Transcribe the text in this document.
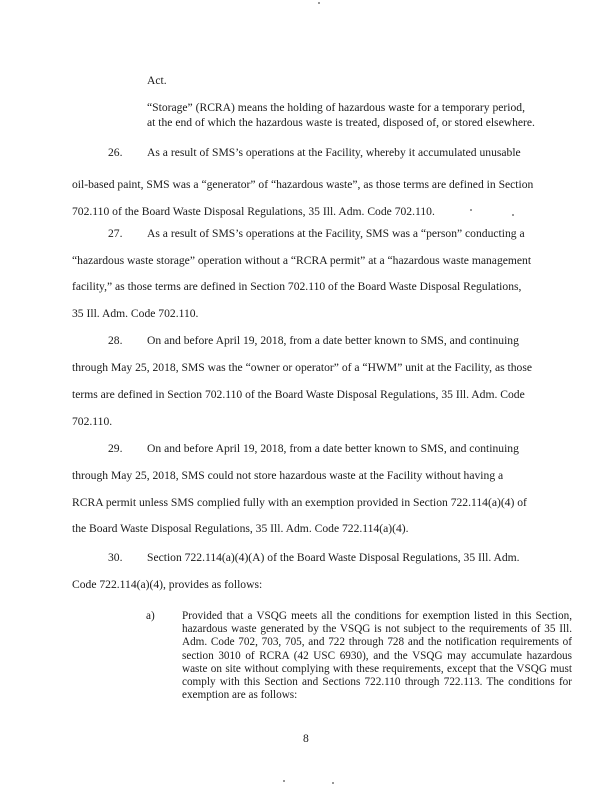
Act.
“Storage” (RCRA) means the holding of hazardous waste for a temporary period,
at the end of which the hazardous waste is treated, disposed of, or stored elsewhere.
26. As a result of SMS’s operations at the Facility, whereby it accumulated unusable
oil-based paint, SMS was a “generator” of “hazardous waste”, as those terms are defined in Section
702.110 of the Board Waste Disposal Regulations, 35 Ill. Adm. Code 702.110.
27. As a result of SMS’s operations at the Facility, SMS was a “person” conducting a
“hazardous waste storage” operation without a “RCRA permit” at a “hazardous waste management
facility,” as those terms are defined in Section 702.110 of the Board Waste Disposal Regulations,
35 Ill. Adm. Code 702.110.
28. On and before April 19, 2018, from a date better known to SMS, and continuing
through May 25, 2018, SMS was the “owner or operator” of a “HWM” unit at the Facility, as those
terms are defined in Section 702.110 of the Board Waste Disposal Regulations, 35 Ill. Adm. Code
702.110.
29. On and before April 19, 2018, from a date better known to SMS, and continuing
through May 25, 2018, SMS could not store hazardous waste at the Facility without having a
RCRA permit unless SMS complied fully with an exemption provided in Section 722.114(a)(4) of
the Board Waste Disposal Regulations, 35 Ill. Adm. Code 722.114(a)(4).
30. Section 722.114(a)(4)(A) of the Board Waste Disposal Regulations, 35 Ill. Adm.
Code 722.114(a)(4), provides as follows:
a) Provided that a VSQG meets all the conditions for exemption listed in this Section, hazardous waste generated by the VSQG is not subject to the requirements of 35 Ill. Adm. Code 702, 703, 705, and 722 through 728 and the notification requirements of section 3010 of RCRA (42 USC 6930), and the VSQG may accumulate hazardous waste on site without complying with these requirements, except that the VSQG must comply with this Section and Sections 722.110 through 722.113. The conditions for exemption are as follows:
8
